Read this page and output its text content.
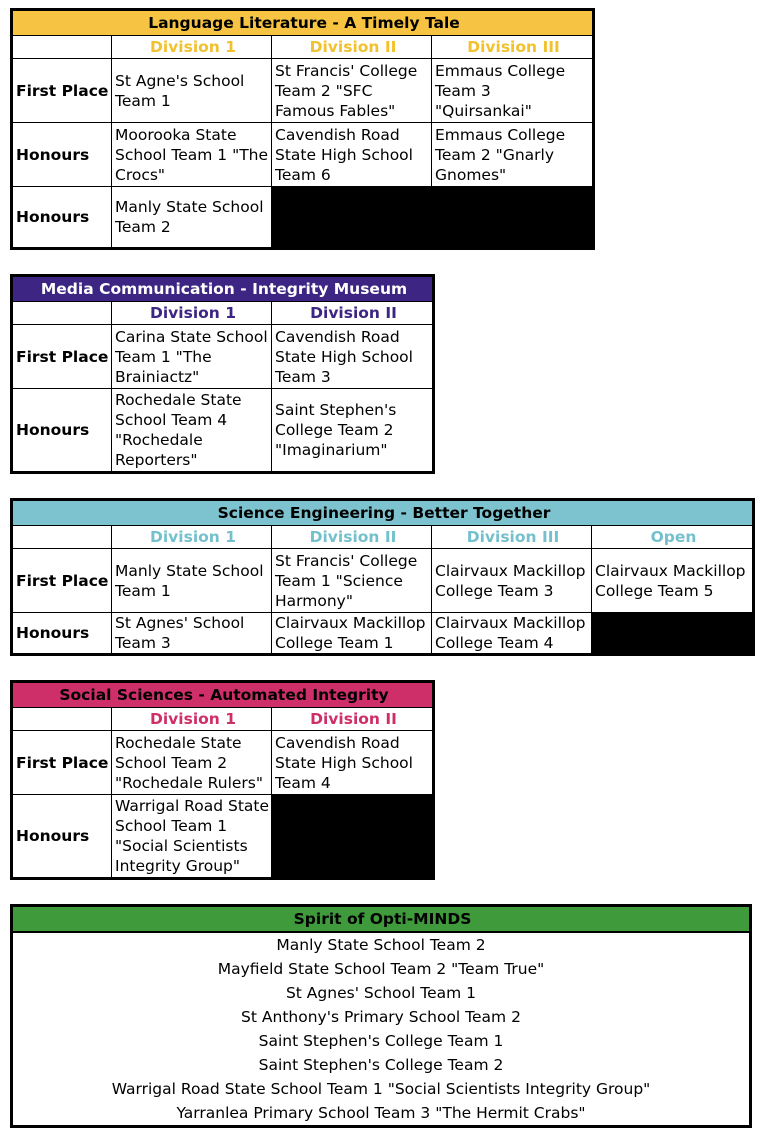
Language Literature - A Timely Tale			
	Division 1	Division II	Division III
First Place	St Agne's School Team 1	St Francis' College Team 2 "SFC Famous Fables"	Emmaus College Team 3 "Quirsankai"
Honours	Moorooka State School Team 1 "The Crocs"	Cavendish Road State High School Team 6	Emmaus College Team 2 "Gnarly Gnomes"
Honours	Manly State School Team 2		
Media Communication - Integrity Museum		
	Division 1	Division II
First Place	Carina State School Team 1 "The Brainiactz"	Cavendish Road State High School Team 3
Honours	Rochedale State School Team 4 "Rochedale Reporters"	Saint Stephen's College Team 2 "Imaginarium"
Science Engineering - Better Together				
	Division 1	Division II	Division III	Open
First Place	Manly State School Team 1	St Francis' College Team 1 "Science Harmony"	Clairvaux Mackillop College Team 3	Clairvaux Mackillop College Team 5
Honours	St Agnes' School Team 3	Clairvaux Mackillop College Team 1	Clairvaux Mackillop College Team 4	
Social Sciences - Automated Integrity		
	Division 1	Division II
First Place	Rochedale State School Team 2 "Rochedale Rulers"	Cavendish Road State High School Team 4
Honours	Warrigal Road State School Team 1 "Social Scientists Integrity Group"	
Spirit of Opti-MINDS
Manly State School Team 2
Mayfield State School Team 2 "Team True"
St Agnes' School Team 1
St Anthony's Primary School Team 2
Saint Stephen's College Team 1
Saint Stephen's College Team 2
Warrigal Road State School Team 1 "Social Scientists Integrity Group"
Yarranlea Primary School Team 3 "The Hermit Crabs"
